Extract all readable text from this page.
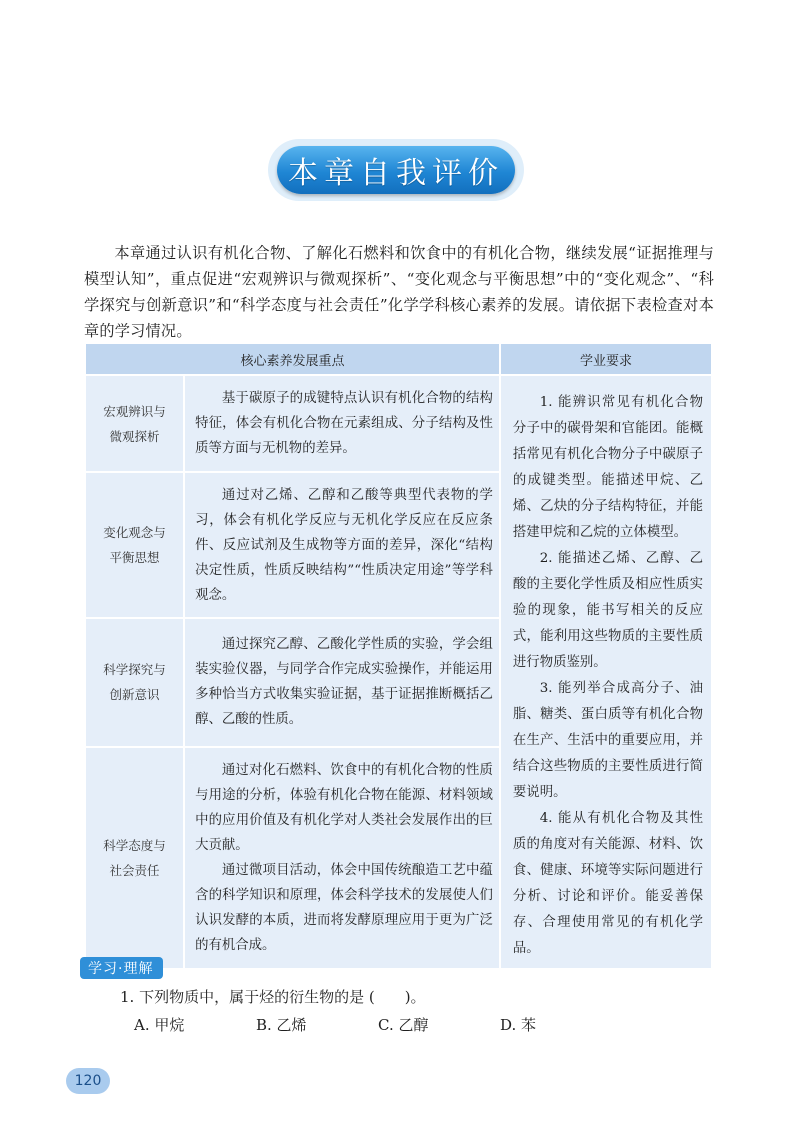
本章自我评价

本章通过认识有机化合物、了解化石燃料和饮食中的有机化合物，继续发展“证据推理与模型认知”，重点促进“宏观辨识与微观探析”、“变化观念与平衡思想”中的“变化观念”、“科学探究与创新意识”和“科学态度与社会责任”化学学科核心素养的发展。请依据下表检查对本章的学习情况。

核心素养发展重点		学业要求
宏观辨识与微观探析	基于碳原子的成键特点认识有机化合物的结构特征，体会有机化合物在元素组成、分子结构及性质等方面与无机物的差异。	1. 能辨识常见有机化合物分子中的碳骨架和官能团。能概括常见有机化合物分子中碳原子的成键类型。能描述甲烷、乙烯、乙炔的分子结构特征，并能搭建甲烷和乙烷的立体模型。

2. 能描述乙烯、乙醇、乙酸的主要化学性质及相应性质实验的现象，能书写相关的反应式，能利用这些物质的主要性质进行物质鉴别。

3. 能列举合成高分子、油脂、糖类、蛋白质等有机化合物在生产、生活中的重要应用，并结合这些物质的主要性质进行简要说明。

4. 能从有机化合物及其性质的角度对有关能源、材料、饮食、健康、环境等实际问题进行分析、讨论和评价。能妥善保存、合理使用常见的有机化学品。

变化观念与平衡思想	通过对乙烯、乙醇和乙酸等典型代表物的学习，体会有机化学反应与无机化学反应在反应条件、反应试剂及生成物等方面的差异，深化“结构决定性质，性质反映结构”“性质决定用途”等学科观念。	

科学探究与创新意识	通过探究乙醇、乙酸化学性质的实验，学会组装实验仪器，与同学合作完成实验操作，并能运用多种恰当方式收集实验证据，基于证据推断概括乙醇、乙酸的性质。	

科学态度与社会责任	通过对化石燃料、饮食中的有机化合物的性质与用途的分析，体验有机化合物在能源、材料领域中的应用价值及有机化学对人类社会发展作出的巨大贡献。

通过微项目活动，体会中国传统酿造工艺中蕴含的科学知识和原理，体会科学技术的发展使人们认识发酵的本质，进而将发酵原理应用于更为广泛的有机合成。	

学习·理解

1. 下列物质中，属于烃的衍生物的是 (　　)。

A. 甲烷	B. 乙烯	C. 乙醇	D. 苯
120
